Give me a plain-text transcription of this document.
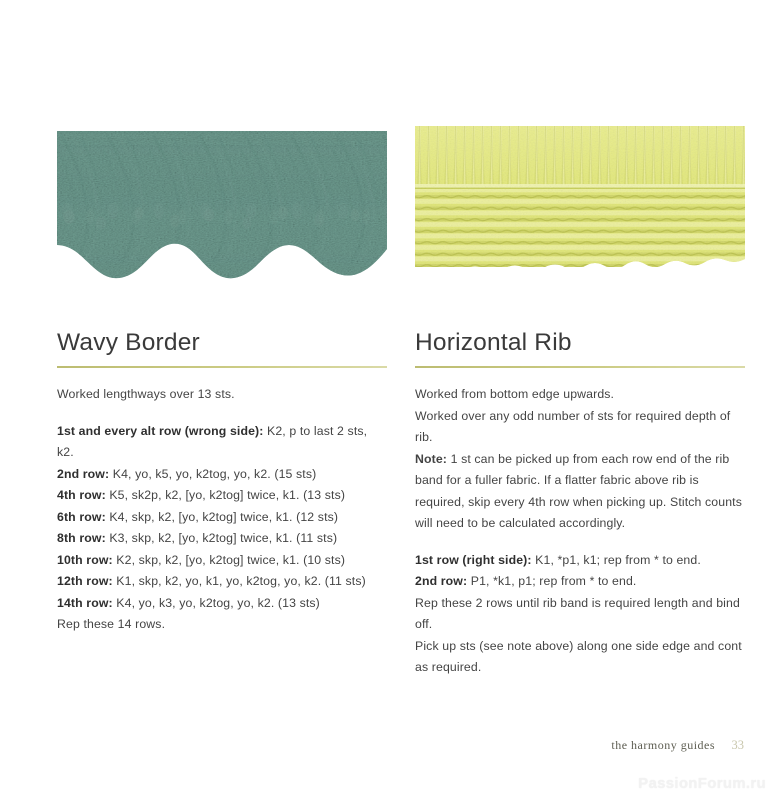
Wavy Border
Worked lengthways over 13 sts.
1st and every alt row (wrong side): K2, p to last 2 sts, k2.
2nd row: K4, yo, k5, yo, k2tog, yo, k2. (15 sts)
4th row: K5, sk2p, k2, [yo, k2tog] twice, k1. (13 sts)
6th row: K4, skp, k2, [yo, k2tog] twice, k1. (12 sts)
8th row: K3, skp, k2, [yo, k2tog] twice, k1. (11 sts)
10th row: K2, skp, k2, [yo, k2tog] twice, k1. (10 sts)
12th row: K1, skp, k2, yo, k1, yo, k2tog, yo, k2. (11 sts)
14th row: K4, yo, k3, yo, k2tog, yo, k2. (13 sts)
Rep these 14 rows.
Horizontal Rib
Worked from bottom edge upwards.
Worked over any odd number of sts for required depth of rib.
Note: 1 st can be picked up from each row end of the rib band for a fuller fabric. If a flatter fabric above rib is required, skip every 4th row when picking up. Stitch counts will need to be calculated accordingly.
1st row (right side): K1, *p1, k1; rep from * to end.
2nd row: P1, *k1, p1; rep from * to end.
Rep these 2 rows until rib band is required length and bind off.
Pick up sts (see note above) along one side edge and cont as required.
the harmony guides 33
PassionForum.ru
